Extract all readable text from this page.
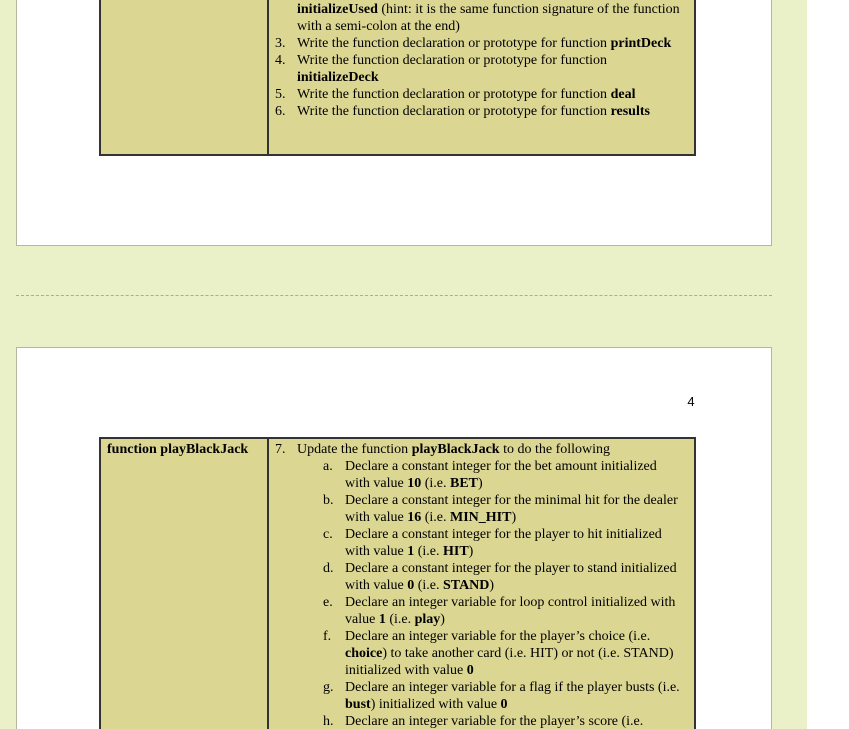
initializeUsed (hint: it is the same function signature of the function with a semi-colon at the end)
3. Write the function declaration or prototype for function printDeck
4. Write the function declaration or prototype for function initializeDeck
5. Write the function declaration or prototype for function deal
6. Write the function declaration or prototype for function results
4
function playBlackJack	7. Update the function playBlackJack to do the following
a. Declare a constant integer for the bet amount initialized with value 10 (i.e. BET)
b. Declare a constant integer for the minimal hit for the dealer with value 16 (i.e. MIN_HIT)
c. Declare a constant integer for the player to hit initialized with value 1 (i.e. HIT)
d. Declare a constant integer for the player to stand initialized with value 0 (i.e. STAND)
e. Declare an integer variable for loop control initialized with value 1 (i.e. play)
f. Declare an integer variable for the player’s choice (i.e. choice) to take another card (i.e. HIT) or not (i.e. STAND) initialized with value 0
g. Declare an integer variable for a flag if the player busts (i.e. bust) initialized with value 0
h. Declare an integer variable for the player’s score (i.e.
